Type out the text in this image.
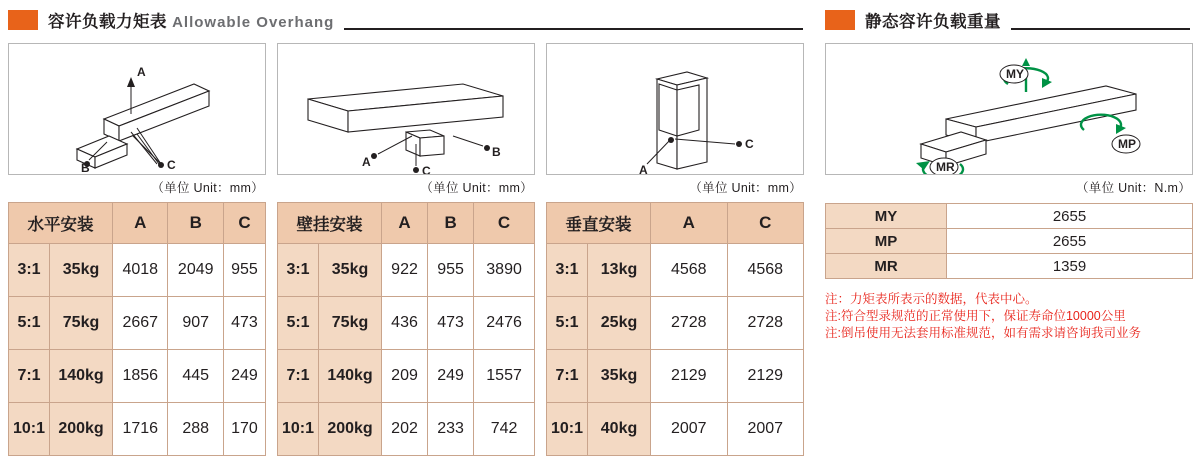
容许负载力矩表 Allowable Overhang
A
B	C
（单位 Unit：mm）
水平安装		A	B	C
3:1	35kg	4018	2049	955
5:1	75kg	2667	907	473
7:1	140kg	1856	445	249
10:1	200kg	1716	288	170
A
B
C
（单位 Unit：mm）
壁挂安装		A	B	C
3:1	35kg	922	955	3890
5:1	75kg	436	473	2476
7:1	140kg	209	249	1557
10:1	200kg	202	233	742
A
C
（单位 Unit：mm）
垂直安装		A	C
3:1	13kg	4568	4568
5:1	25kg	2728	2728
7:1	35kg	2129	2129
10:1	40kg	2007	2007
静态容许负载重量
MY
MP
MR
（单位 Unit：N.m）
MY	2655
MP	2655
MR	1359
注：力矩表所表示的数据，代表中心。
注:符合型录规范的正常使用下，保证寿命位10000公里
注:倒吊使用无法套用标准规范，如有需求请咨询我司业务
